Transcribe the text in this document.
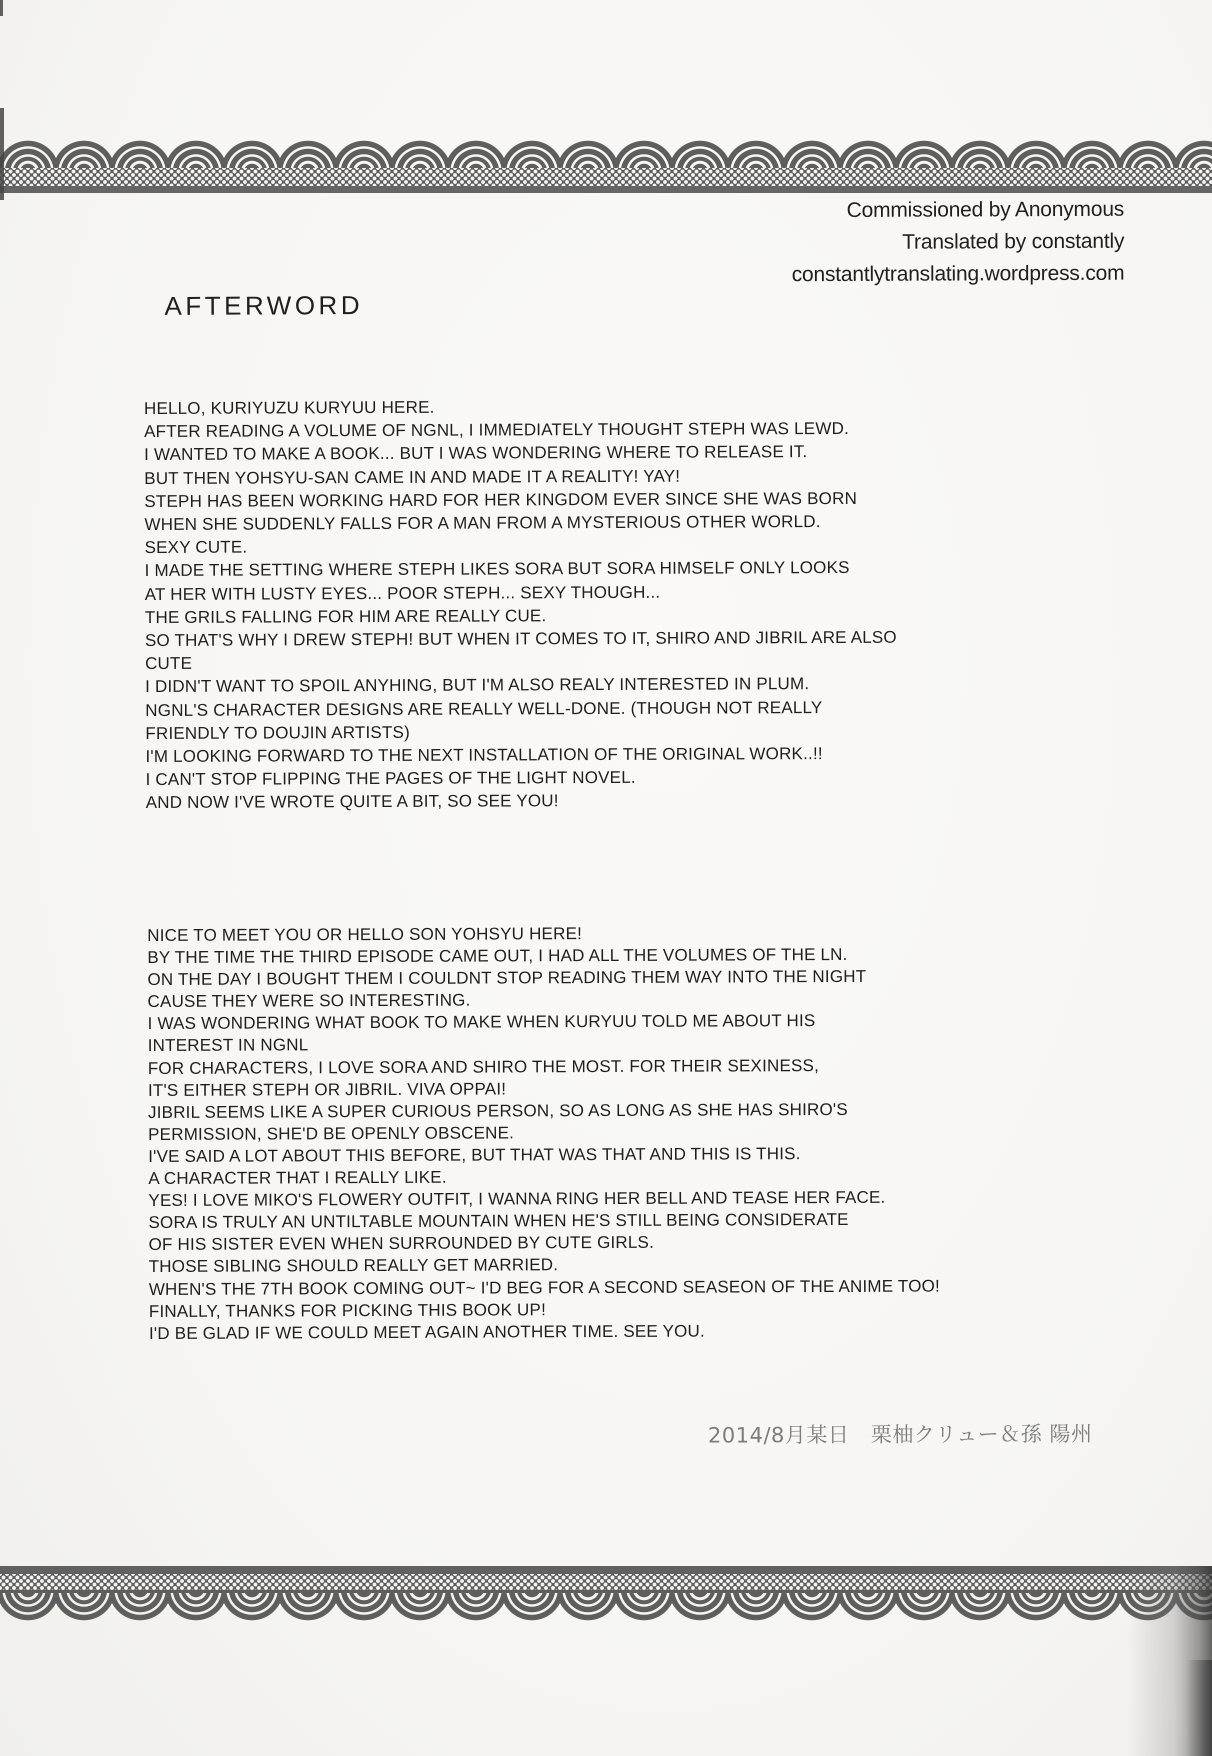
Commissioned by Anonymous
Translated by constantly
constantlytranslating.wordpress.com
AFTERWORD
HELLO, KURIYUZU KURYUU HERE.
AFTER READING A VOLUME OF NGNL, I IMMEDIATELY THOUGHT STEPH WAS LEWD.
I WANTED TO MAKE A BOOK... BUT I WAS WONDERING WHERE TO RELEASE IT.
BUT THEN YOHSYU-SAN CAME IN AND MADE IT A REALITY! YAY!
STEPH HAS BEEN WORKING HARD FOR HER KINGDOM EVER SINCE SHE WAS BORN
WHEN SHE SUDDENLY FALLS FOR A MAN FROM A MYSTERIOUS OTHER WORLD.
SEXY CUTE.
I MADE THE SETTING WHERE STEPH LIKES SORA BUT SORA HIMSELF ONLY LOOKS
AT HER WITH LUSTY EYES... POOR STEPH... SEXY THOUGH...
THE GRILS FALLING FOR HIM ARE REALLY CUE.
SO THAT'S WHY I DREW STEPH! BUT WHEN IT COMES TO IT, SHIRO AND JIBRIL ARE ALSO
CUTE
I DIDN'T WANT TO SPOIL ANYHING, BUT I'M ALSO REALY INTERESTED IN PLUM.
NGNL'S CHARACTER DESIGNS ARE REALLY WELL-DONE. (THOUGH NOT REALLY
FRIENDLY TO DOUJIN ARTISTS)
I'M LOOKING FORWARD TO THE NEXT INSTALLATION OF THE ORIGINAL WORK..!!
I CAN'T STOP FLIPPING THE PAGES OF THE LIGHT NOVEL.
AND NOW I'VE WROTE QUITE A BIT, SO SEE YOU!
NICE TO MEET YOU OR HELLO SON YOHSYU HERE!
BY THE TIME THE THIRD EPISODE CAME OUT, I HAD ALL THE VOLUMES OF THE LN.
ON THE DAY I BOUGHT THEM I COULDNT STOP READING THEM WAY INTO THE NIGHT
CAUSE THEY WERE SO INTERESTING.
I WAS WONDERING WHAT BOOK TO MAKE WHEN KURYUU TOLD ME ABOUT HIS
INTEREST IN NGNL
FOR CHARACTERS, I LOVE SORA AND SHIRO THE MOST. FOR THEIR SEXINESS,
IT'S EITHER STEPH OR JIBRIL. VIVA OPPAI!
JIBRIL SEEMS LIKE A SUPER CURIOUS PERSON, SO AS LONG AS SHE HAS SHIRO'S
PERMISSION, SHE'D BE OPENLY OBSCENE.
I'VE SAID A LOT ABOUT THIS BEFORE, BUT THAT WAS THAT AND THIS IS THIS.
A CHARACTER THAT I REALLY LIKE.
YES! I LOVE MIKO'S FLOWERY OUTFIT, I WANNA RING HER BELL AND TEASE HER FACE.
SORA IS TRULY AN UNTILTABLE MOUNTAIN WHEN HE'S STILL BEING CONSIDERATE
OF HIS SISTER EVEN WHEN SURROUNDED BY CUTE GIRLS.
THOSE SIBLING SHOULD REALLY GET MARRIED.
WHEN'S THE 7TH BOOK COMING OUT~ I'D BEG FOR A SECOND SEASEON OF THE ANIME TOO!
FINALLY, THANKS FOR PICKING THIS BOOK UP!
I'D BE GLAD IF WE COULD MEET AGAIN ANOTHER TIME. SEE YOU.
2014/8月某日　栗柚クリュー＆孫 陽州
